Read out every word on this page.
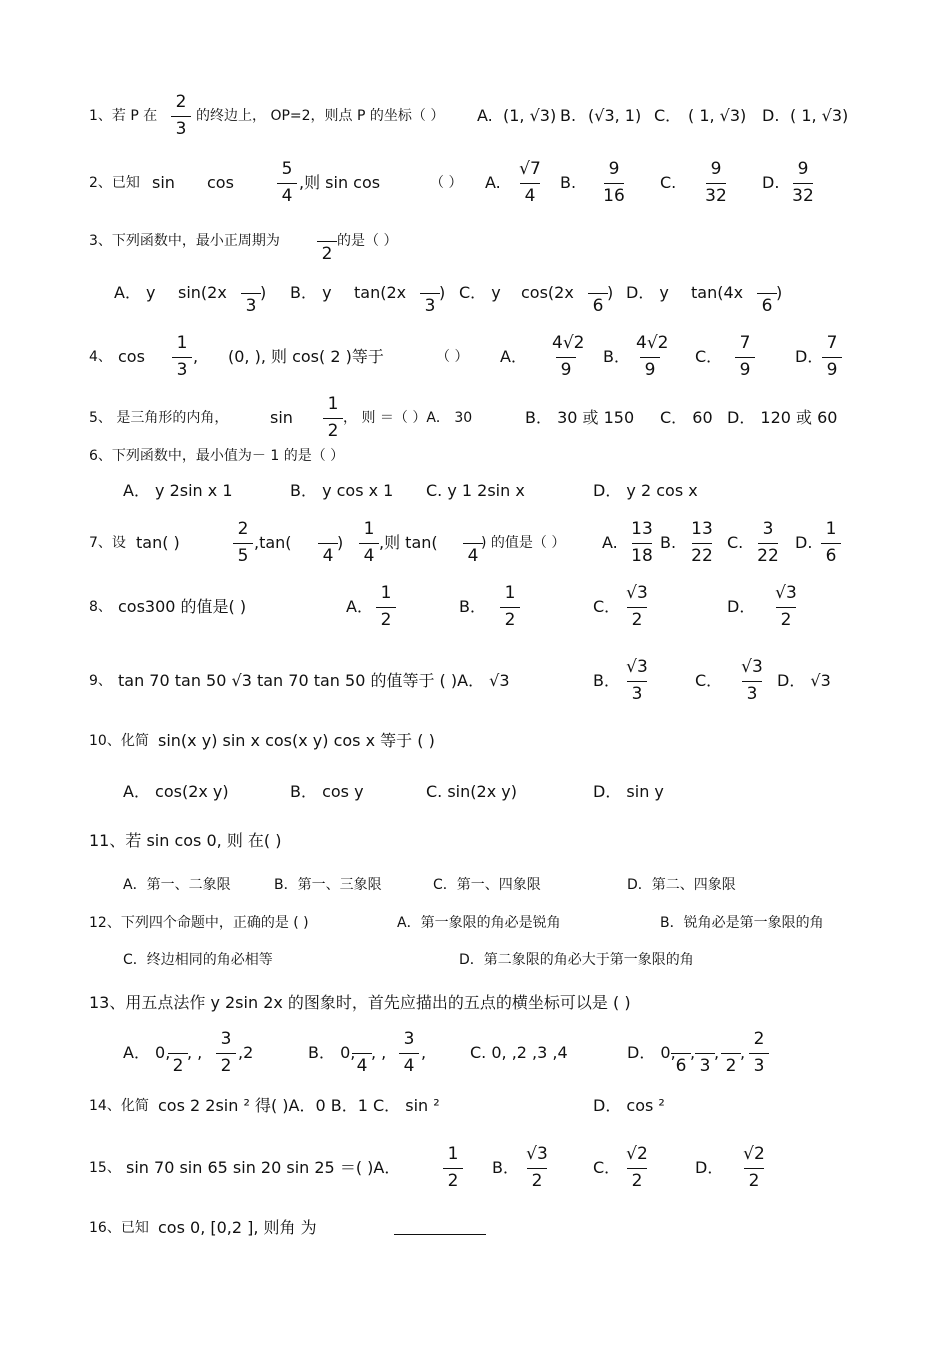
1、若 P 在
2
3
的终边上， OP=2，则点 P 的坐标（ ） A. (1, √3) B. (√3, 1) C． ( 1, √3) D. ( 1, √3)
2、已知 sin cos
5
4
,则 sin cos	（ ） A.
√7
4
B.
9
16
C.
9
32
D.
9
32
3、下列函数中，最小正周期为
2
的是（ ）
A． y sin(2x
3
) B． y tan(2x
3
) C． y cos(2x
6
) D． y tan(4x
6
)
4、 cos
1
3
, (0, ), 则 cos( 2 )等于	（ ） A．
4√2
9
B．
4√2
9
C．
7
9
D．
7
9
5、 是三角形的内角，	sin
1
2
， 则 ＝（ ）A． 30	B． 30 或 150 C． 60 D． 120 或 60
6、下列函数中，最小值为－ 1 的是（ ）
A． y 2sin x 1	B． y cos x 1 C. y 1 2sin x	D． y 2 cos x
7、设 tan( )
2
5
,tan(
4
)
1
4
,则 tan(
4
) 的值是（ ） A.
13
18
B.
13
22
C.
3
22
D.
1
6
8、 cos300 的值是( )	A．
1
2
B．
1
2
C．
√3
2
D．
√3
2
9、 tan 70 tan 50 √3 tan 70 tan 50 的值等于 ( )A． √3	B．
√3
3
C．
√3
3
D． √3
10、化简 sin(x y) sin x cos(x y) cos x 等于 ( )
A． cos(2x y)	B． cos y	C. sin(2x y)	D． sin y
11、若 sin cos 0, 则 在( )
A．第一、二象限	B．第一、三象限	C．第一、四象限	D．第二、四象限
12、下列四个命题中，正确的是 ( )	A．第一象限的角必是锐角	B．锐角必是第一象限的角
C．终边相同的角必相等	D．第二象限的角必大于第一象限的角
13、用五点法作 y 2sin 2x 的图象时，首先应描出的五点的横坐标可以是 ( )
A． 0,
2
, ,
3
2
,2	B． 0,
4
, ,
3
4
,	C. 0, ,2 ,3 ,4	D． 0,
6
,
3
,
2
,
2
3
14、化简 cos 2 2sin ² 得( )A．0 B．1 C． sin ²	D． cos ²
15、 sin 70 sin 65 sin 20 sin 25 ＝( )A．
1
2
B．
√3
2
C．
√2
2
D．
√2
2
16、已知 cos 0, [0,2 ], 则角 为
